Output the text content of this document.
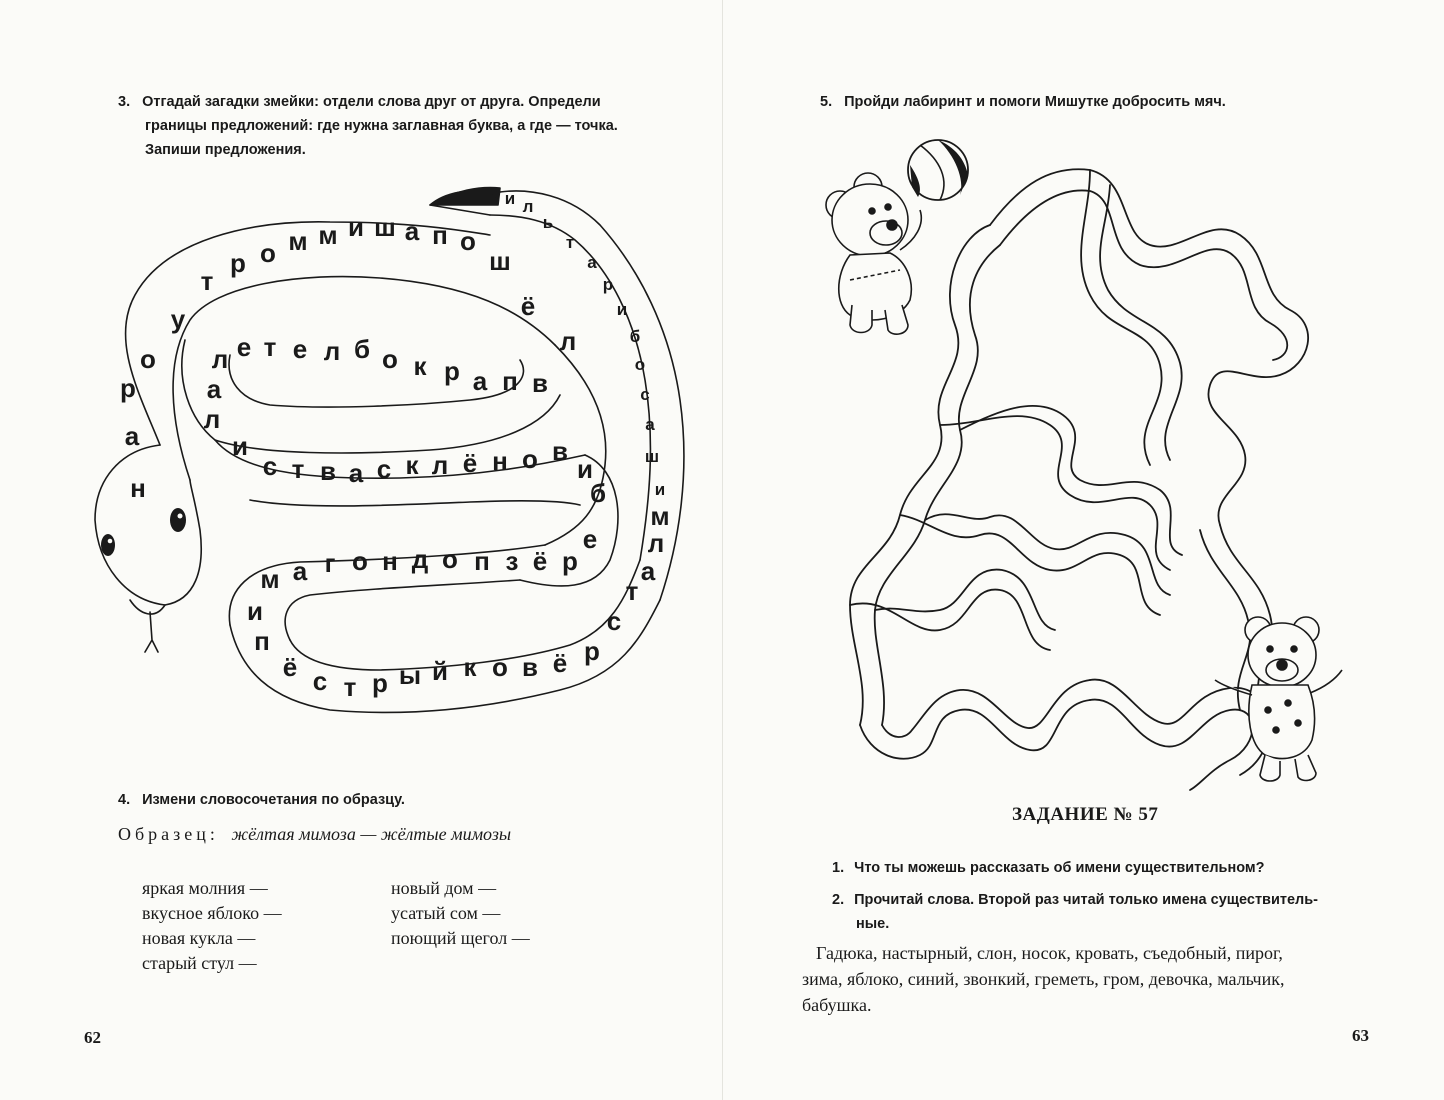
3. Отгадай загадки змейки: отдели слова друг от друга. Определи
границы предложений: где нужна заглавная буква, а где — точка.
Запиши предложения.
н
а
р
о
у
т
р о м м и ш а п о
ш
ё
л
в
п
а
р
к
о
б
л
е
т
е
л
а
л
и
с т в а с к л ё н о в
и
б
е
р
ё
з
п
о
д
н
о
г
а
м
и
п
ё с т р ы й к о в ё р
с
т
а
л
м
и
ш
а
с
о
б
и
р
а
т
ь
л
и
с
4. Измени словосочетания по образцу.
Образец: жёлтая мимоза — жёлтые мимозы
яркая молния —
вкусное яблоко —
новая кукла —
старый стул —
новый дом —
усатый сом —
поющий щегол —
62
5. Пройди лабиринт и помоги Мишутке добросить мяч.
ЗАДАНИЕ № 57
1. Что ты можешь рассказать об имени существительном?
2. Прочитай слова. Второй раз читай только имена существитель-
ные.
Гадюка, настырный, слон, носок, кровать, съедобный, пирог,
зима, яблоко, синий, звонкий, греметь, гром, девочка, мальчик,
бабушка.
63
